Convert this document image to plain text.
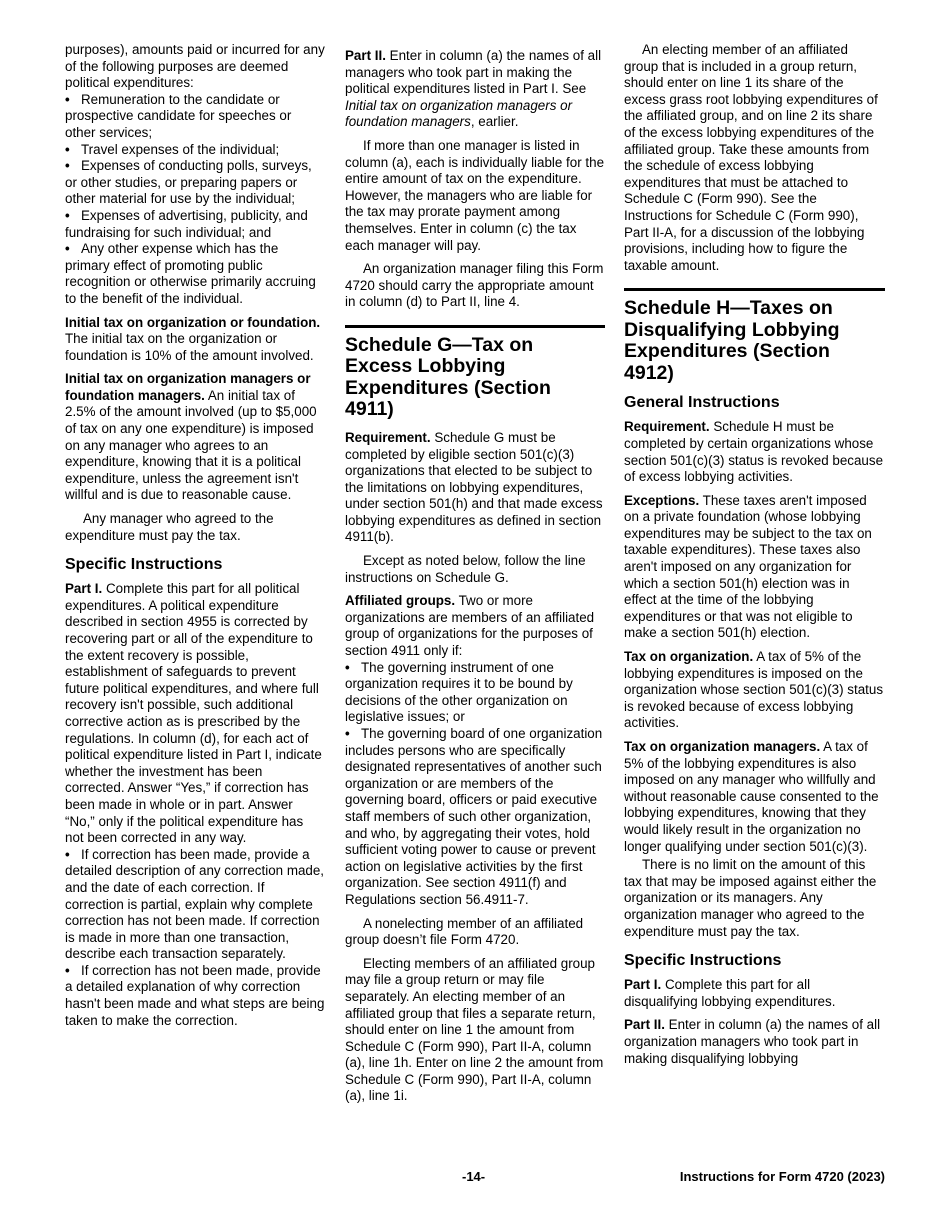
purposes), amounts paid or incurred for any of the following purposes are deemed political expenditures:

• Remuneration to the candidate or prospective candidate for speeches or other services;

• Travel expenses of the individual;

• Expenses of conducting polls, surveys, or other studies, or preparing papers or other material for use by the individual;

• Expenses of advertising, publicity, and fundraising for such individual; and

• Any other expense which has the primary effect of promoting public recognition or otherwise primarily accruing to the benefit of the individual.

Initial tax on organization or foundation. The initial tax on the organization or foundation is 10% of the amount involved.

Initial tax on organization managers or foundation managers. An initial tax of 2.5% of the amount involved (up to $5,000 of tax on any one expenditure) is imposed on any manager who agrees to an expenditure, knowing that it is a political expenditure, unless the agreement isn't willful and is due to reasonable cause.

Any manager who agreed to the expenditure must pay the tax.

Specific Instructions

Part I. Complete this part for all political expenditures. A political expenditure described in section 4955 is corrected by recovering part or all of the expenditure to the extent recovery is possible, establishment of safeguards to prevent future political expenditures, and where full recovery isn't possible, such additional corrective action as is prescribed by the regulations. In column (d), for each act of political expenditure listed in Part I, indicate whether the investment has been corrected. Answer “Yes,” if correction has been made in whole or in part. Answer “No,” only if the political expenditure has not been corrected in any way.

• If correction has been made, provide a detailed description of any correction made, and the date of each correction. If correction is partial, explain why complete correction has not been made. If correction is made in more than one transaction, describe each transaction separately.

• If correction has not been made, provide a detailed explanation of why correction hasn't been made and what steps are being taken to make the correction.

Part II. Enter in column (a) the names of all managers who took part in making the political expenditures listed in Part I. See Initial tax on organization managers or foundation managers, earlier.

If more than one manager is listed in column (a), each is individually liable for the entire amount of tax on the expenditure. However, the managers who are liable for the tax may prorate payment among themselves. Enter in column (c) the tax each manager will pay.

An organization manager filing this Form 4720 should carry the appropriate amount in column (d) to Part II, line 4.

Schedule G—Tax on Excess Lobbying Expenditures (Section 4911)

Requirement. Schedule G must be completed by eligible section 501(c)(3) organizations that elected to be subject to the limitations on lobbying expenditures, under section 501(h) and that made excess lobbying expenditures as defined in section 4911(b).

Except as noted below, follow the line instructions on Schedule G.

Affiliated groups. Two or more organizations are members of an affiliated group of organizations for the purposes of section 4911 only if:

• The governing instrument of one organization requires it to be bound by decisions of the other organization on legislative issues; or

• The governing board of one organization includes persons who are specifically designated representatives of another such organization or are members of the governing board, officers or paid executive staff members of such other organization, and who, by aggregating their votes, hold sufficient voting power to cause or prevent action on legislative activities by the first organization. See section 4911(f) and Regulations section 56.4911-7.

A nonelecting member of an affiliated group doesn’t file Form 4720.

Electing members of an affiliated group may file a group return or may file separately. An electing member of an affiliated group that files a separate return, should enter on line 1 the amount from Schedule C (Form 990), Part II-A, column (a), line 1h. Enter on line 2 the amount from Schedule C (Form 990), Part II-A, column (a), line 1i.

An electing member of an affiliated group that is included in a group return, should enter on line 1 its share of the excess grass root lobbying expenditures of the affiliated group, and on line 2 its share of the excess lobbying expenditures of the affiliated group. Take these amounts from the schedule of excess lobbying expenditures that must be attached to Schedule C (Form 990). See the Instructions for Schedule C (Form 990), Part II-A, for a discussion of the lobbying provisions, including how to figure the taxable amount.

Schedule H—Taxes on Disqualifying Lobbying Expenditures (Section 4912)
General Instructions

Requirement. Schedule H must be completed by certain organizations whose section 501(c)(3) status is revoked because of excess lobbying activities.

Exceptions. These taxes aren't imposed on a private foundation (whose lobbying expenditures may be subject to the tax on taxable expenditures). These taxes also aren't imposed on any organization for which a section 501(h) election was in effect at the time of the lobbying expenditures or that was not eligible to make a section 501(h) election.

Tax on organization. A tax of 5% of the lobbying expenditures is imposed on the organization whose section 501(c)(3) status is revoked because of excess lobbying activities.

Tax on organization managers. A tax of 5% of the lobbying expenditures is also imposed on any manager who willfully and without reasonable cause consented to the lobbying expenditures, knowing that they would likely result in the organization no longer qualifying under section 501(c)(3).

There is no limit on the amount of this tax that may be imposed against either the organization or its managers. Any organization manager who agreed to the expenditure must pay the tax.

Specific Instructions

Part I. Complete this part for all disqualifying lobbying expenditures.

Part II. Enter in column (a) the names of all organization managers who took part in making disqualifying lobbying

-14-	Instructions for Form 4720 (2023)
